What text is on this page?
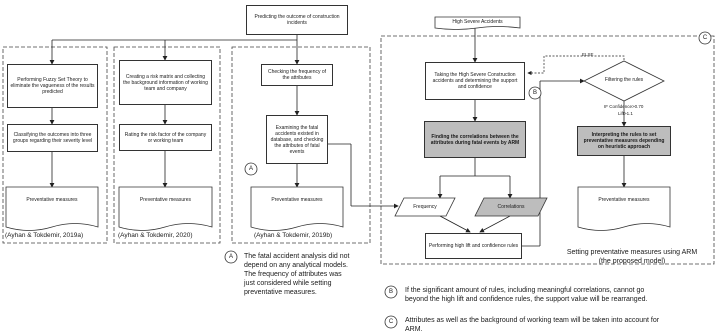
Predicting the outcome of construction incidents
Performing Fuzzy Set Theory to eliminate the vagueness of the results predicted
Classifying the outcomes into three groups regarding their severity level
Preventative measures
(Ayhan & Tokdemir, 2019a)
Creating a risk matrix and collecting the background information of working team and company
Rating the risk factor of the company or working team
Preventative measures
(Ayhan & Tokdemir, 2020)
Checking the frequency of the attributes
Examining the fatal accidents existed in database, and checking the attributes of fatal events
A
Preventative measures
(Ayhan & Tokdemir, 2019b)
High Severe Accidents
Taking the High Severe Construction accidents and determining the support and confidence
Finding the correlations between the attributes during fatal events by ARM
Frequency	Correlations
Performing high lift and confidence rules
Filtering the rules
ELSE
IF Confidence>0.70
Lift>1.1
Interpreting the rules to set preventative measures depending on heuristic approach
Preventative measures
Setting preventative measures using ARM
(the proposed model)
B
C
A	The fatal accident analysis did not
depend on any analytical models.
The frequency of attributes was
just considered while setting
preventative measures.	B	If the significant amount of rules, including meaningful correlations, cannot go
beyond the high lift and confidence rules, the support value will be rearranged.
C	Attributes as well as the background of working team will be taken into account for
ARM.
